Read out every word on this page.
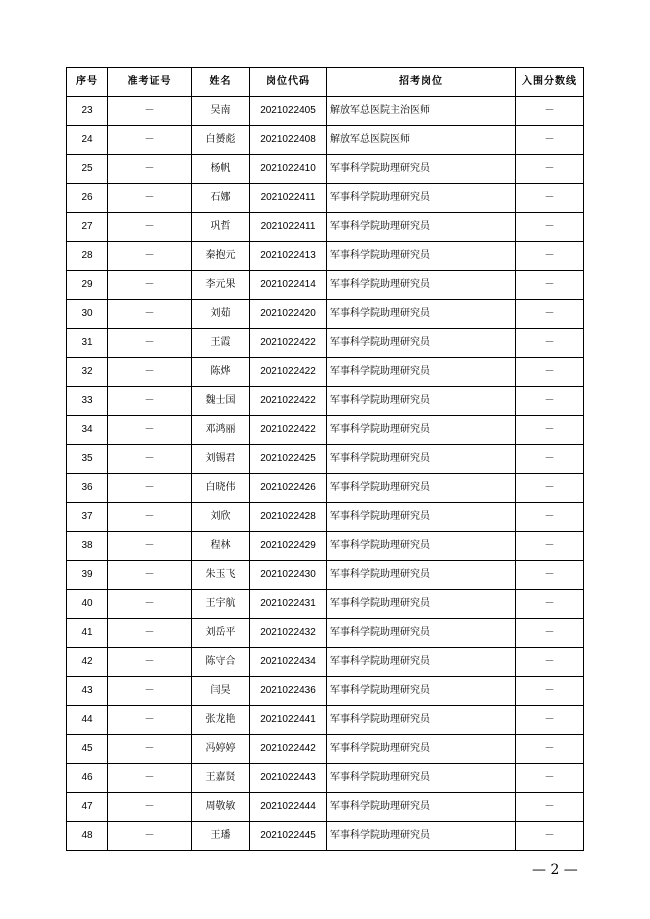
序号	准考证号	姓名	岗位代码	招考岗位	入围分数线
23	－	吴南	2021022405	解放军总医院主治医师	－
24	－	白赟彪	2021022408	解放军总医院医师	－
25	－	杨帆	2021022410	军事科学院助理研究员	－
26	－	石娜	2021022411	军事科学院助理研究员	－
27	－	巩哲	2021022411	军事科学院助理研究员	－
28	－	秦抱元	2021022413	军事科学院助理研究员	－
29	－	李元果	2021022414	军事科学院助理研究员	－
30	－	刘茹	2021022420	军事科学院助理研究员	－
31	－	王霞	2021022422	军事科学院助理研究员	－
32	－	陈烨	2021022422	军事科学院助理研究员	－
33	－	魏士国	2021022422	军事科学院助理研究员	－
34	－	邓鸿丽	2021022422	军事科学院助理研究员	－
35	－	刘锡君	2021022425	军事科学院助理研究员	－
36	－	白晓伟	2021022426	军事科学院助理研究员	－
37	－	刘欣	2021022428	军事科学院助理研究员	－
38	－	程林	2021022429	军事科学院助理研究员	－
39	－	朱玉飞	2021022430	军事科学院助理研究员	－
40	－	王宇航	2021022431	军事科学院助理研究员	－
41	－	刘岳平	2021022432	军事科学院助理研究员	－
42	－	陈守合	2021022434	军事科学院助理研究员	－
43	－	闫昊	2021022436	军事科学院助理研究员	－
44	－	张龙艳	2021022441	军事科学院助理研究员	－
45	－	冯婷婷	2021022442	军事科学院助理研究员	－
46	－	王嘉贤	2021022443	军事科学院助理研究员	－
47	－	周敬敏	2021022444	军事科学院助理研究员	－
48	－	王璠	2021022445	军事科学院助理研究员	－
— 2 —
